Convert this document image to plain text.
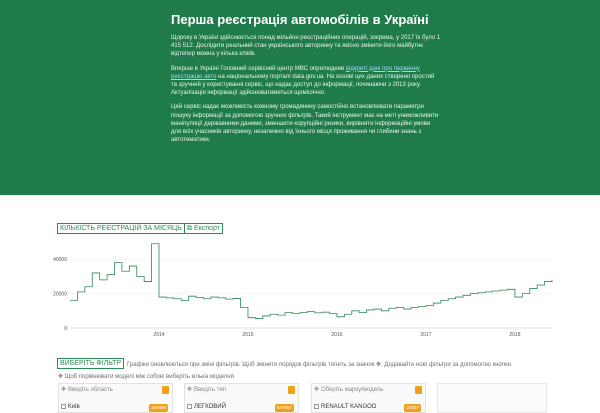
Перша реєстрація автомобілів в Україні

Щороку в Україні здійснюється понад мільйон реєстраційних операцій, зокрема, у 2017 їх було 1 415 512. Дослідити реальний стан українського авторинку та якісно змінити його майбутнє відтепер можна у кілька кліків.

Вперше в Україні Головний сервісний центр МВС оприлюднив відкриті дані про первинну реєстрацію авто на національному порталі data.gov.ua. На основі цих даних створено простий та зручний у користуванні сервіс, що надає доступ до інформації, починаючи з 2013 року. Актуалізація інформації здійснюватиметься щомісячно.

Цей сервіс надає можливість кожному громадянину самостійно встановлювати параметри пошуку інформації за допомогою зручних фільтрів. Такий інструмент має на меті унеможливити маніпуляції державними даними, зменшити корупційні ризики, вирівняти інформаційні умови для всіх учасників авторинку, незалежно від їхнього місця проживання чи глибини знань з автотематики.

КІЛЬКІСТЬ РЕЄСТРАЦІЙ ЗА МІСЯЦЬ ⧉ Експорт
0
20000
40000
2014	2015	2016	2017	2018
ВИБЕРІТЬ ФІЛЬТР Графіки оновлюються при зміні фільтрів. Щоб змінити порядок фільтрів тягніть за значок ✥. Додавайте нові фільтри за допомогою кнопки
✥ Щоб порівнювати моделі між собою виберіть кілька моделей
✥ Введіть область
Київ	164898
✥ Введіть тип
ЛЕГКОВИЙ	647657
✥ Оберіть марку/модель
RENAULT KANGOO	20257
